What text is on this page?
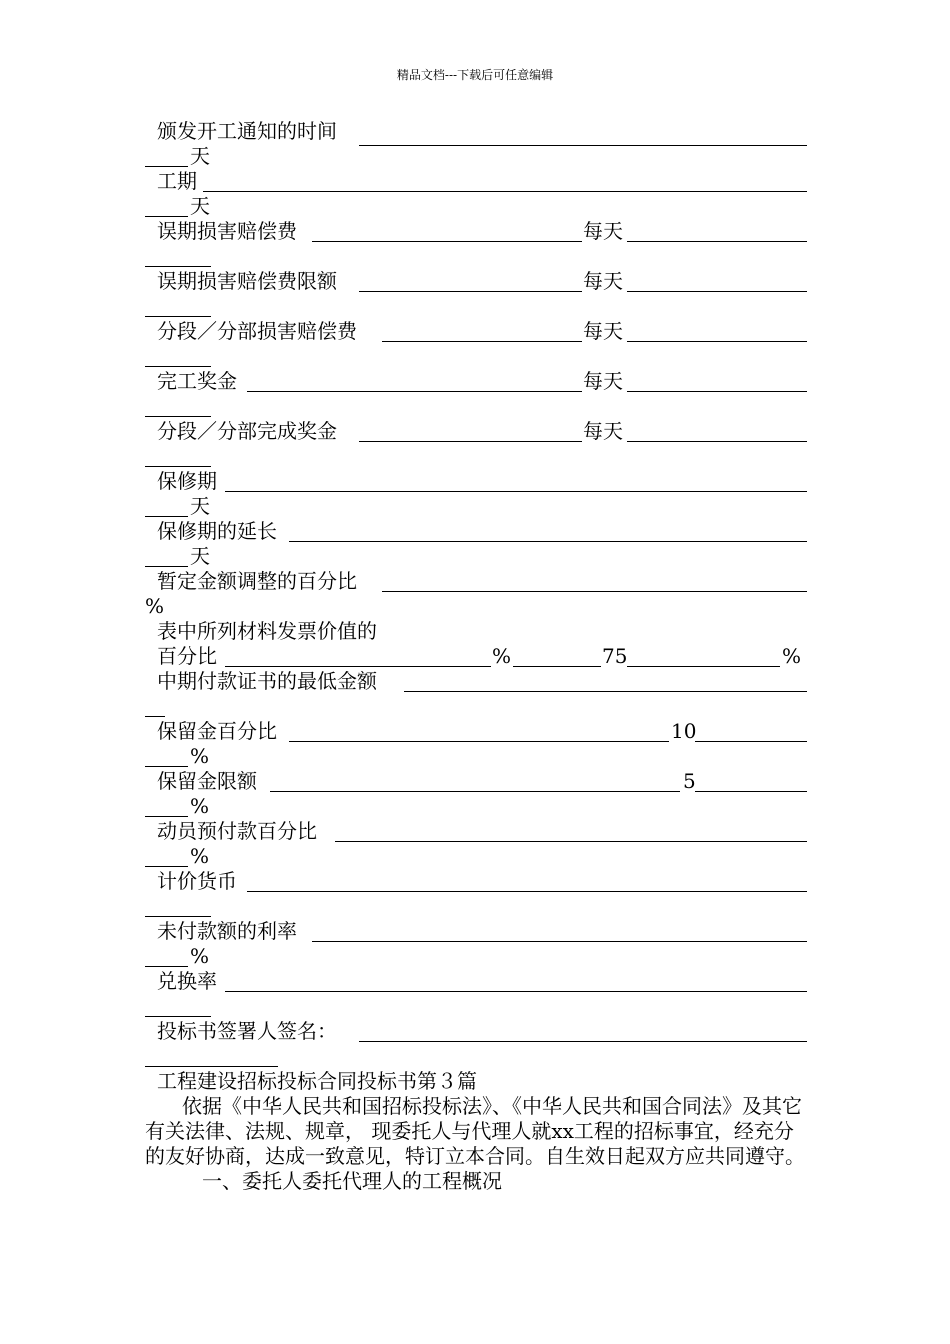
精品文档---下载后可任意编辑
颁发开工通知的时间
天
工期
天
误期损害赔偿费	每天
误期损害赔偿费限额	每天
分段／分部损害赔偿费	每天
完工奖金	每天
分段／分部完成奖金	每天
保修期
天
保修期的延长
天
暂定金额调整的百分比
%
表中所列材料发票价值的
百分比	%	75	%
中期付款证书的最低金额
保留金百分比	10
%
保留金限额	5
%
动员预付款百分比
%
计价货币
未付款额的利率
%
兑换率
投标书签署人签名：
工程建设招标投标合同投标书第３篇
依据《中华人民共和国招标投标法》、《中华人民共和国合同法》及其它有关法律、法规、规章， 现委托人与代理人就xx工程的招标事宜，经充分的友好协商，达成一致意见，特订立本合同。自生效日起双方应共同遵守。
一、委托人委托代理人的工程概况
